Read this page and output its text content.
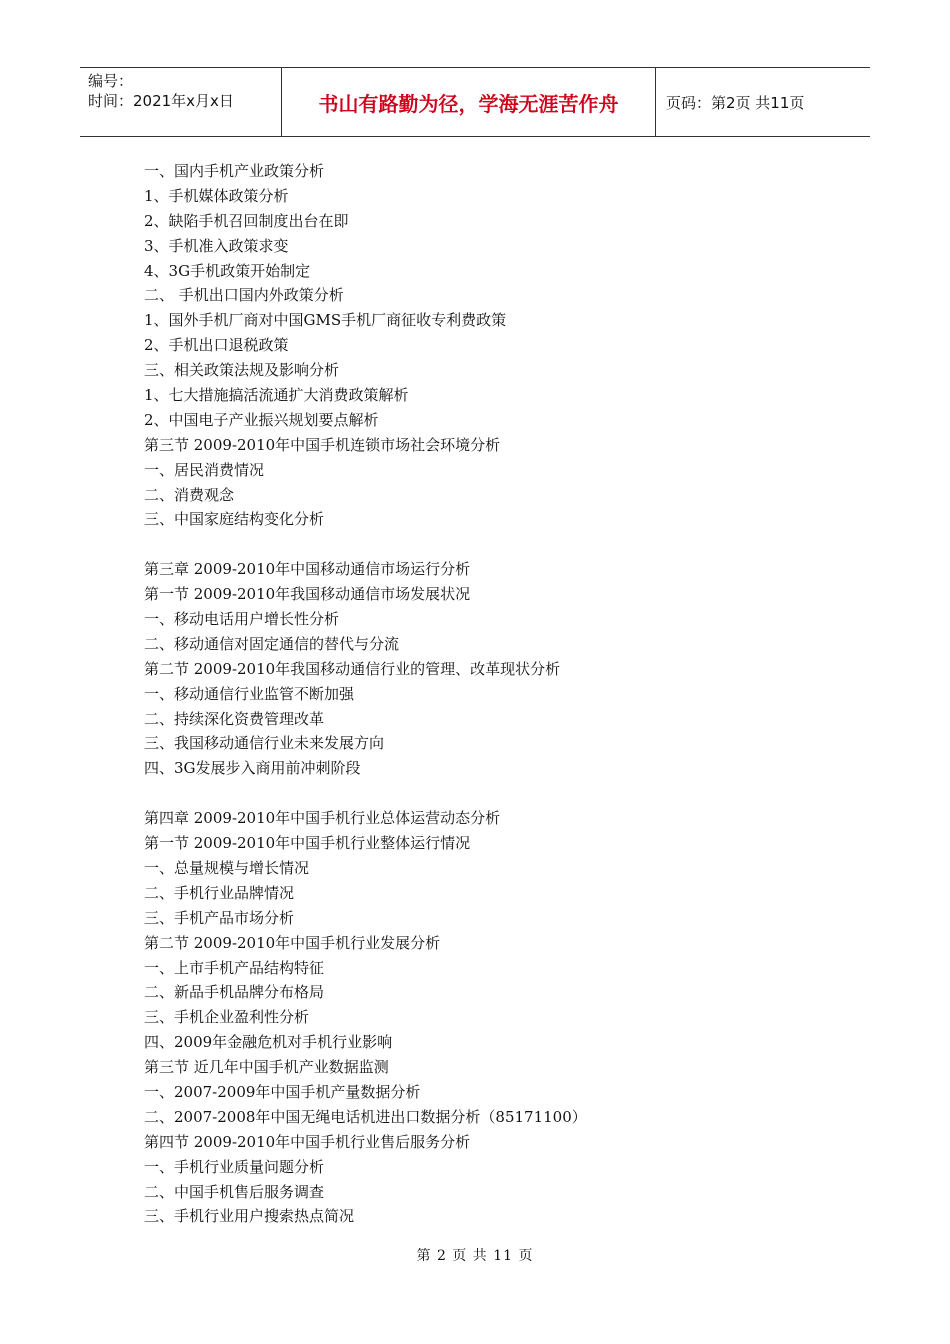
编号：
时间：2021年x月x日	书山有路勤为径，学海无涯苦作舟	页码：第2页 共11页
一、国内手机产业政策分析
1、手机媒体政策分析
2、缺陷手机召回制度出台在即
3、手机准入政策求变
4、3G手机政策开始制定
二、 手机出口国内外政策分析
1、国外手机厂商对中国GMS手机厂商征收专利费政策
2、手机出口退税政策
三、相关政策法规及影响分析
1、七大措施搞活流通扩大消费政策解析
2、中国电子产业振兴规划要点解析
第三节 2009-2010年中国手机连锁市场社会环境分析
一、居民消费情况
二、消费观念
三、中国家庭结构变化分析
第三章 2009-2010年中国移动通信市场运行分析
第一节 2009-2010年我国移动通信市场发展状况
一、移动电话用户增长性分析
二、移动通信对固定通信的替代与分流
第二节 2009-2010年我国移动通信行业的管理、改革现状分析
一、移动通信行业监管不断加强
二、持续深化资费管理改革
三、我国移动通信行业未来发展方向
四、3G发展步入商用前冲刺阶段
第四章 2009-2010年中国手机行业总体运营动态分析
第一节 2009-2010年中国手机行业整体运行情况
一、总量规模与增长情况
二、手机行业品牌情况
三、手机产品市场分析
第二节 2009-2010年中国手机行业发展分析
一、上市手机产品结构特征
二、新品手机品牌分布格局
三、手机企业盈利性分析
四、2009年金融危机对手机行业影响
第三节 近几年中国手机产业数据监测
一、2007-2009年中国手机产量数据分析
二、2007-2008年中国无绳电话机进出口数据分析（85171100）
第四节 2009-2010年中国手机行业售后服务分析
一、手机行业质量问题分析
二、中国手机售后服务调查
三、手机行业用户搜索热点简况
第 2 页 共 11 页
